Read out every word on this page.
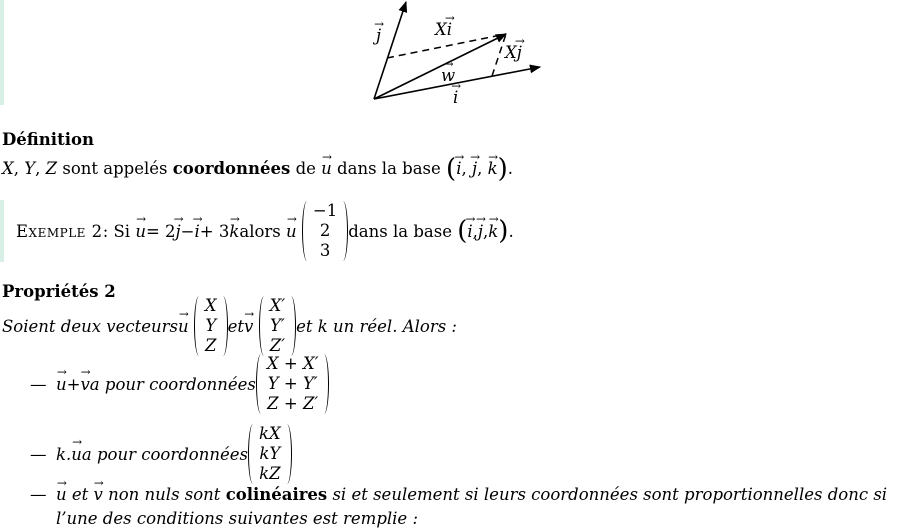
→ j	X→ i
X→ j
→ w
→ i
Définition
X, Y, Z sont appelés coordonnées de → u dans la base (→ i, → j, → k).
Exemple 2 : Si
→ u = 2 → j − → i + 3 → k alors
→ u

−1
2
3
dans la base
( → i , → j , → k ) .
Propriétés 2
Soient deux vecteurs → u

X
Y
Z
et → v

X′
Y′
Z′
et k un réel. Alors :
— → u + → v a pour coordonnées
X + X′
Y + Y′
Z + Z′
— k. → u a pour coordonnées
kX
kY
kZ
— → u et → v non nuls sont colinéaires si et seulement si leurs coordonnées sont proportionnelles donc si
l’une des conditions suivantes est remplie :
